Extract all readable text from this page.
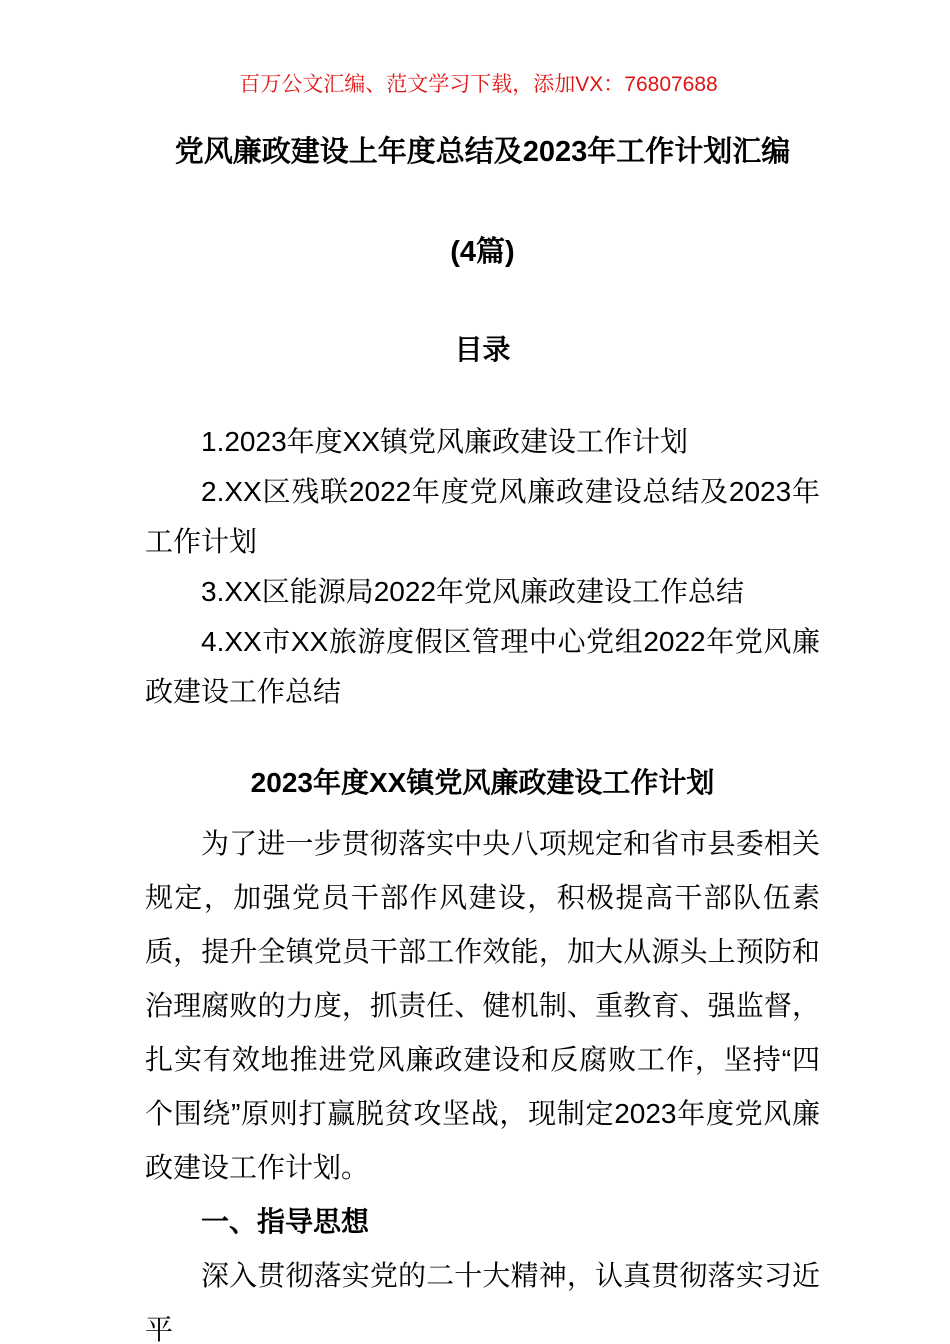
百万公文汇编、范文学习下载，添加VX：76807688
党风廉政建设上年度总结及2023年工作计划汇编
(4篇)
目录
1.2023年度XX镇党风廉政建设工作计划
2.XX区残联2022年度党风廉政建设总结及2023年工作计划
3.XX区能源局2022年党风廉政建设工作总结
4.XX市XX旅游度假区管理中心党组2022年党风廉政建设工作总结
2023年度XX镇党风廉政建设工作计划

为了进一步贯彻落实中央八项规定和省市县委相关规定，加强党员干部作风建设，积极提高干部队伍素质，提升全镇党员干部工作效能，加大从源头上预防和治理腐败的力度，抓责任、健机制、重教育、强监督，扎实有效地推进党风廉政建设和反腐败工作，坚持“四个围绕”原则打赢脱贫攻坚战，现制定2023年度党风廉政建设工作计划。

一、指导思想

深入贯彻落实党的二十大精神，认真贯彻落实习近平
